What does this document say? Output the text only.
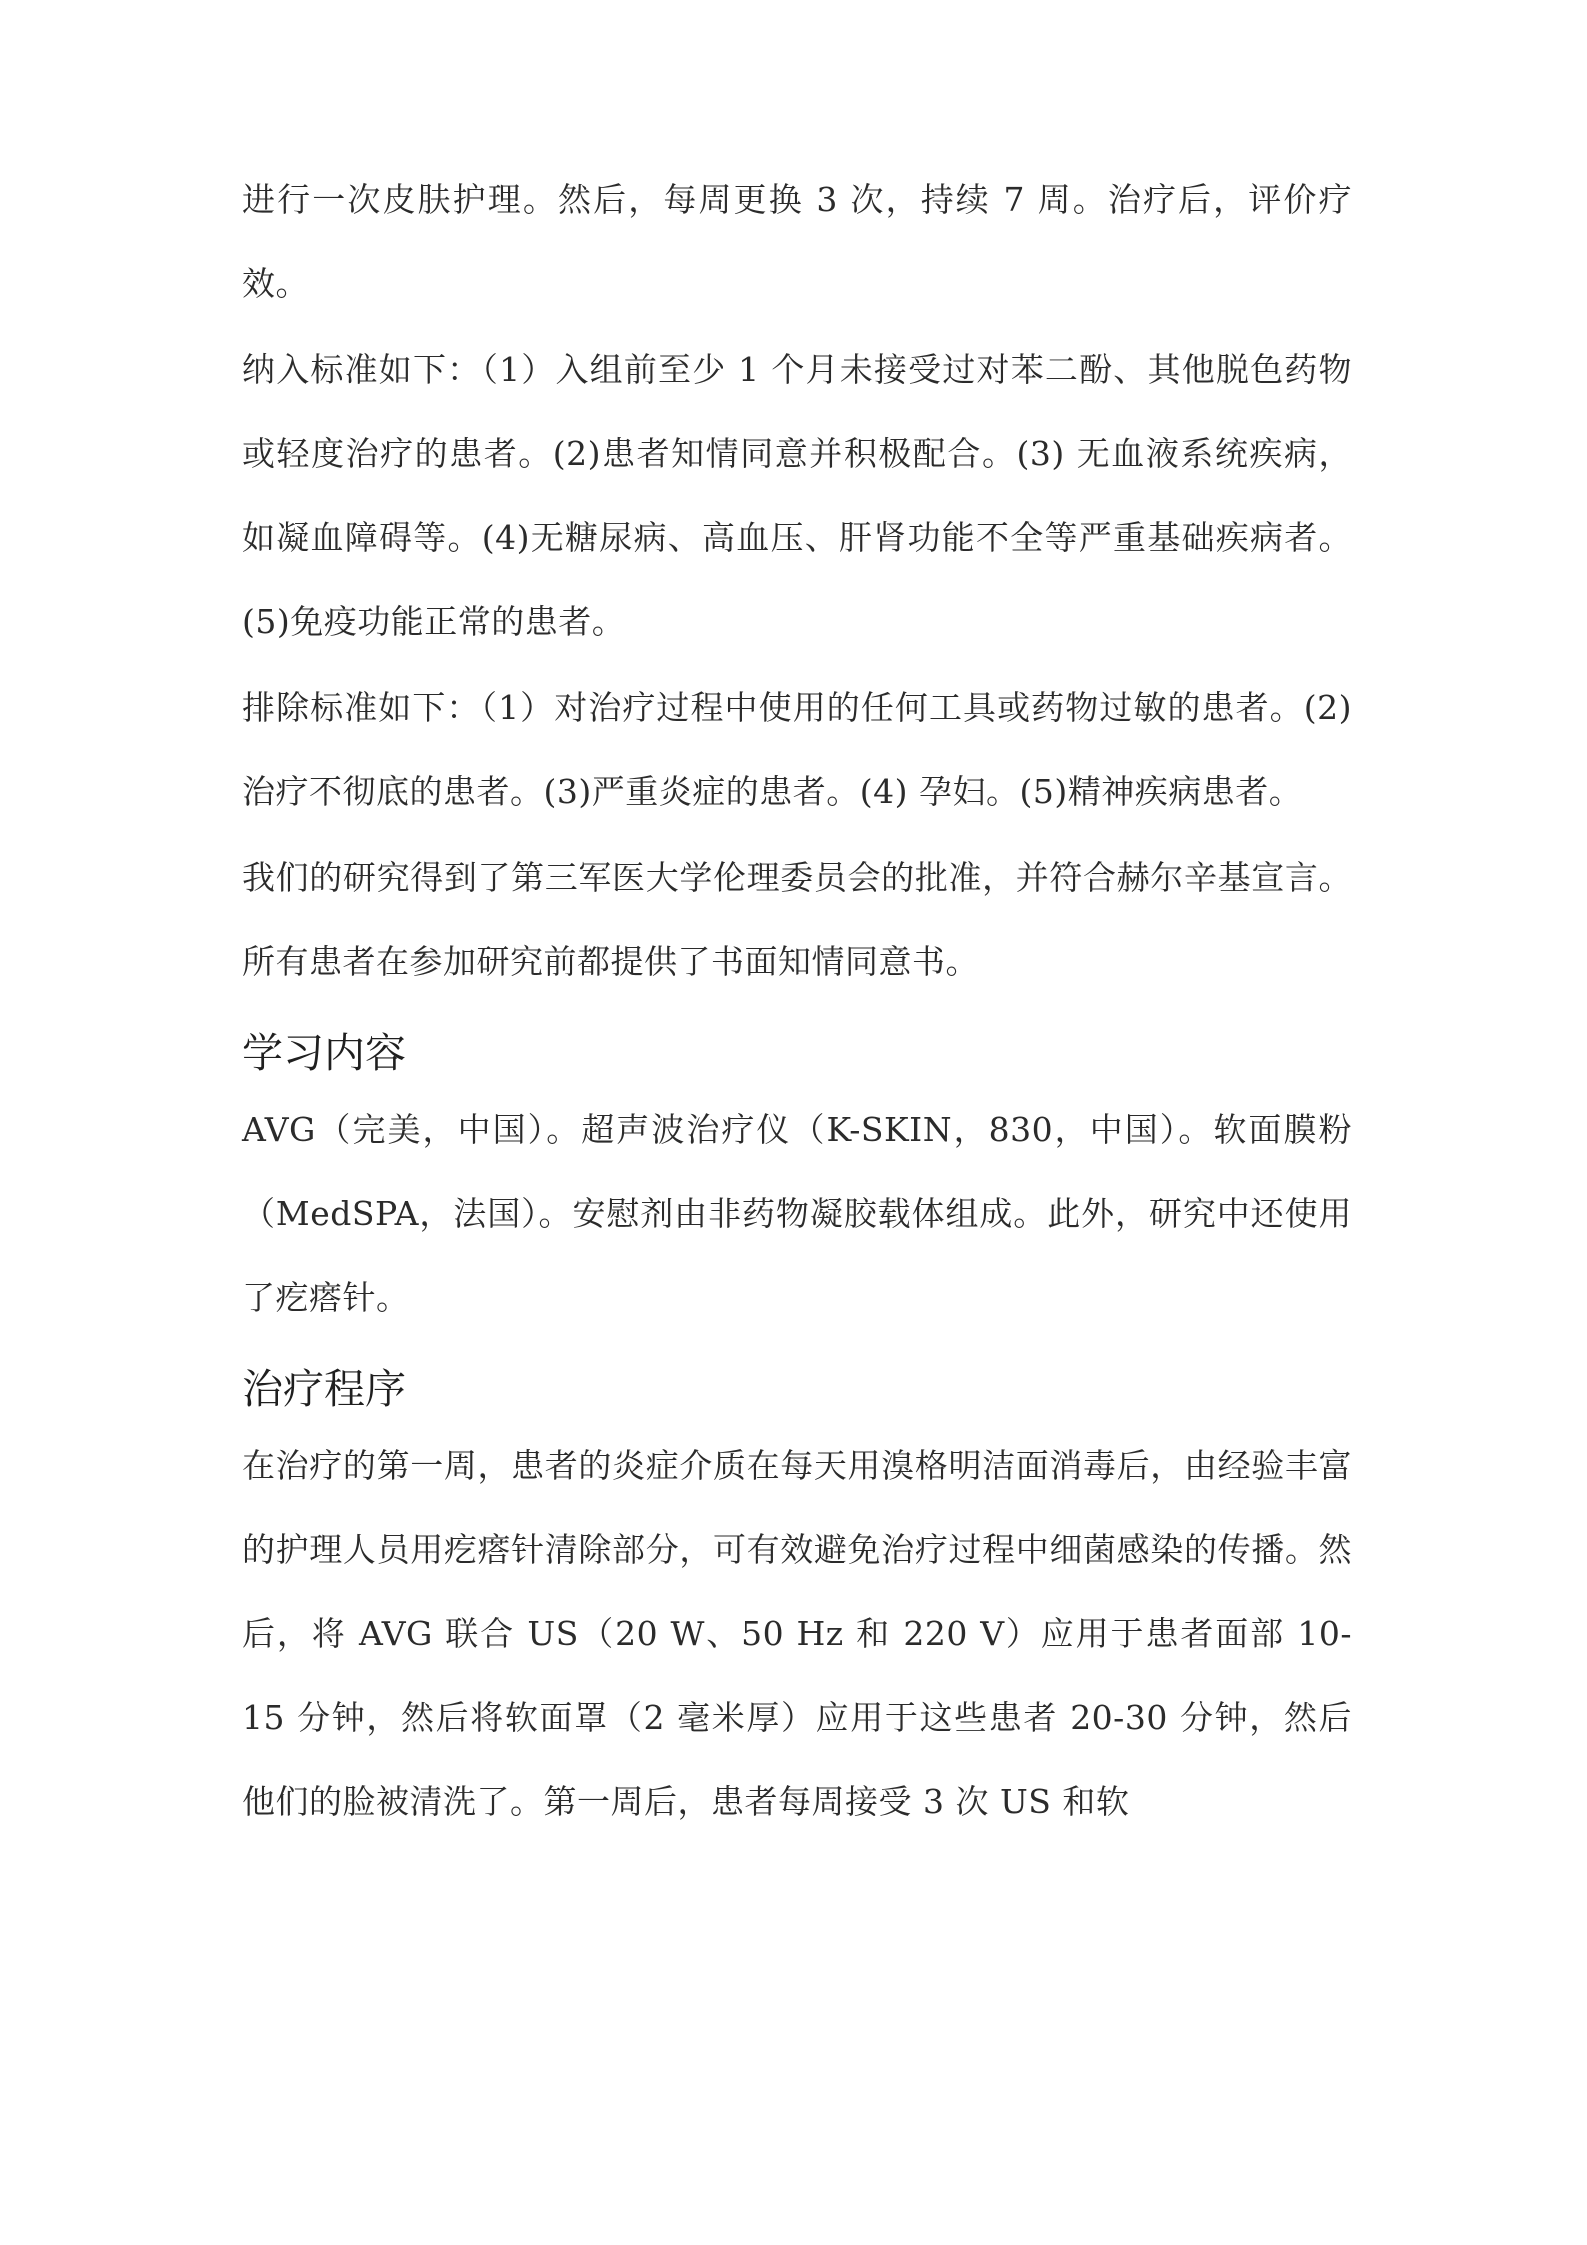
进行一次皮肤护理。然后，每周更换 3 次，持续 7 周。治疗后，评价疗效。

纳入标准如下：（1）入组前至少 1 个月未接受过对苯二酚、其他脱色药物或轻度治疗的患者。(2)患者知情同意并积极配合。(3) 无血液系统疾病，如凝血障碍等。(4)无糖尿病、高血压、肝肾功能不全等严重基础疾病者。(5)免疫功能正常的患者。

排除标准如下：（1）对治疗过程中使用的任何工具或药物过敏的患者。(2)治疗不彻底的患者。(3)严重炎症的患者。(4) 孕妇。(5)精神疾病患者。

我们的研究得到了第三军医大学伦理委员会的批准，并符合赫尔辛基宣言。所有患者在参加研究前都提供了书面知情同意书。

学习内容

AVG（完美，中国）。超声波治疗仪（K-SKIN，830，中国）。软面膜粉（MedSPA，法国）。安慰剂由非药物凝胶载体组成。此外，研究中还使用了疙瘩针。

治疗程序

在治疗的第一周，患者的炎症介质在每天用溴格明洁面消毒后，由经验丰富的护理人员用疙瘩针清除部分，可有效避免治疗过程中细菌感染的传播。然后，将 AVG 联合 US（20 W、50 Hz 和 220 V）应用于患者面部 10-15 分钟，然后将软面罩（2 毫米厚）应用于这些患者 20-30 分钟，然后他们的脸被清洗了。第一周后，患者每周接受 3 次 US 和软
